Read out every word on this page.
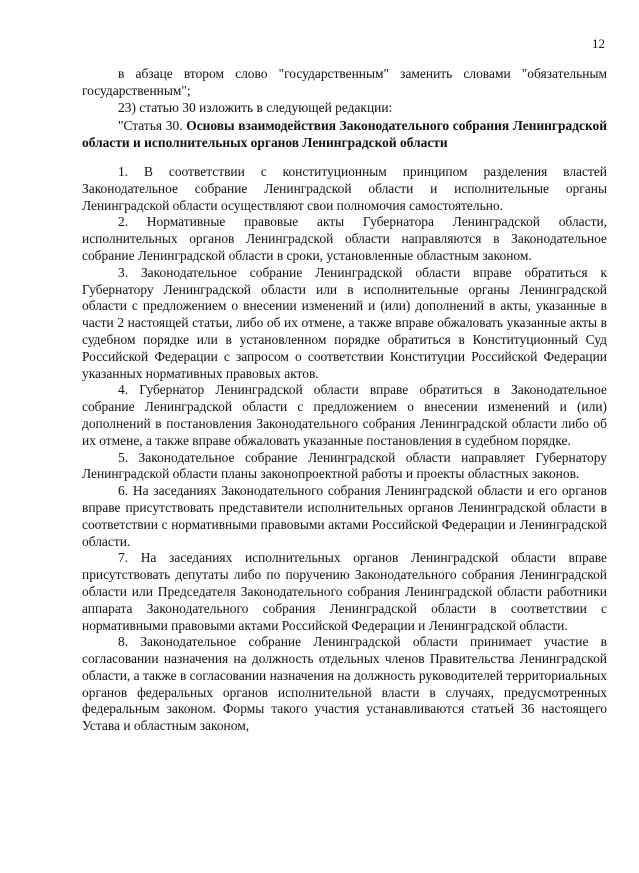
12

в абзаце втором слово "государственным" заменить словами "обязательным государственным";

23) статью 30 изложить в следующей редакции:

"Статья 30. Основы взаимодействия Законодательного собрания Ленинградской области и исполнительных органов Ленинградской области

1. В соответствии с конституционным принципом разделения властей Законодательное собрание Ленинградской области и исполнительные органы Ленинградской области осуществляют свои полномочия самостоятельно.

2. Нормативные правовые акты Губернатора Ленинградской области, исполнительных органов Ленинградской области направляются в Законодательное собрание Ленинградской области в сроки, установленные областным законом.

3. Законодательное собрание Ленинградской области вправе обратиться к Губернатору Ленинградской области или в исполнительные органы Ленинградской области с предложением о внесении изменений и (или) дополнений в акты, указанные в части 2 настоящей статьи, либо об их отмене, а также вправе обжаловать указанные акты в судебном порядке или в установленном порядке обратиться в Конституционный Суд Российской Федерации с запросом о соответствии Конституции Российской Федерации указанных нормативных правовых актов.

4. Губернатор Ленинградской области вправе обратиться в Законодательное собрание Ленинградской области с предложением о внесении изменений и (или) дополнений в постановления Законодательного собрания Ленинградской области либо об их отмене, а также вправе обжаловать указанные постановления в судебном порядке.

5. Законодательное собрание Ленинградской области направляет Губернатору Ленинградской области планы законопроектной работы и проекты областных законов.

6. На заседаниях Законодательного собрания Ленинградской области и его органов вправе присутствовать представители исполнительных органов Ленинградской области в соответствии с нормативными правовыми актами Российской Федерации и Ленинградской области.

7. На заседаниях исполнительных органов Ленинградской области вправе присутствовать депутаты либо по поручению Законодательного собрания Ленинградской области или Председателя Законодательного собрания Ленинградской области работники аппарата Законодательного собрания Ленинградской области в соответствии с нормативными правовыми актами Российской Федерации и Ленинградской области.

8. Законодательное собрание Ленинградской области принимает участие в согласовании назначения на должность отдельных членов Правительства Ленинградской области, а также в согласовании назначения на должность руководителей территориальных органов федеральных органов исполнительной власти в случаях, предусмотренных федеральным законом. Формы такого участия устанавливаются статьей 36 настоящего Устава и областным законом,
